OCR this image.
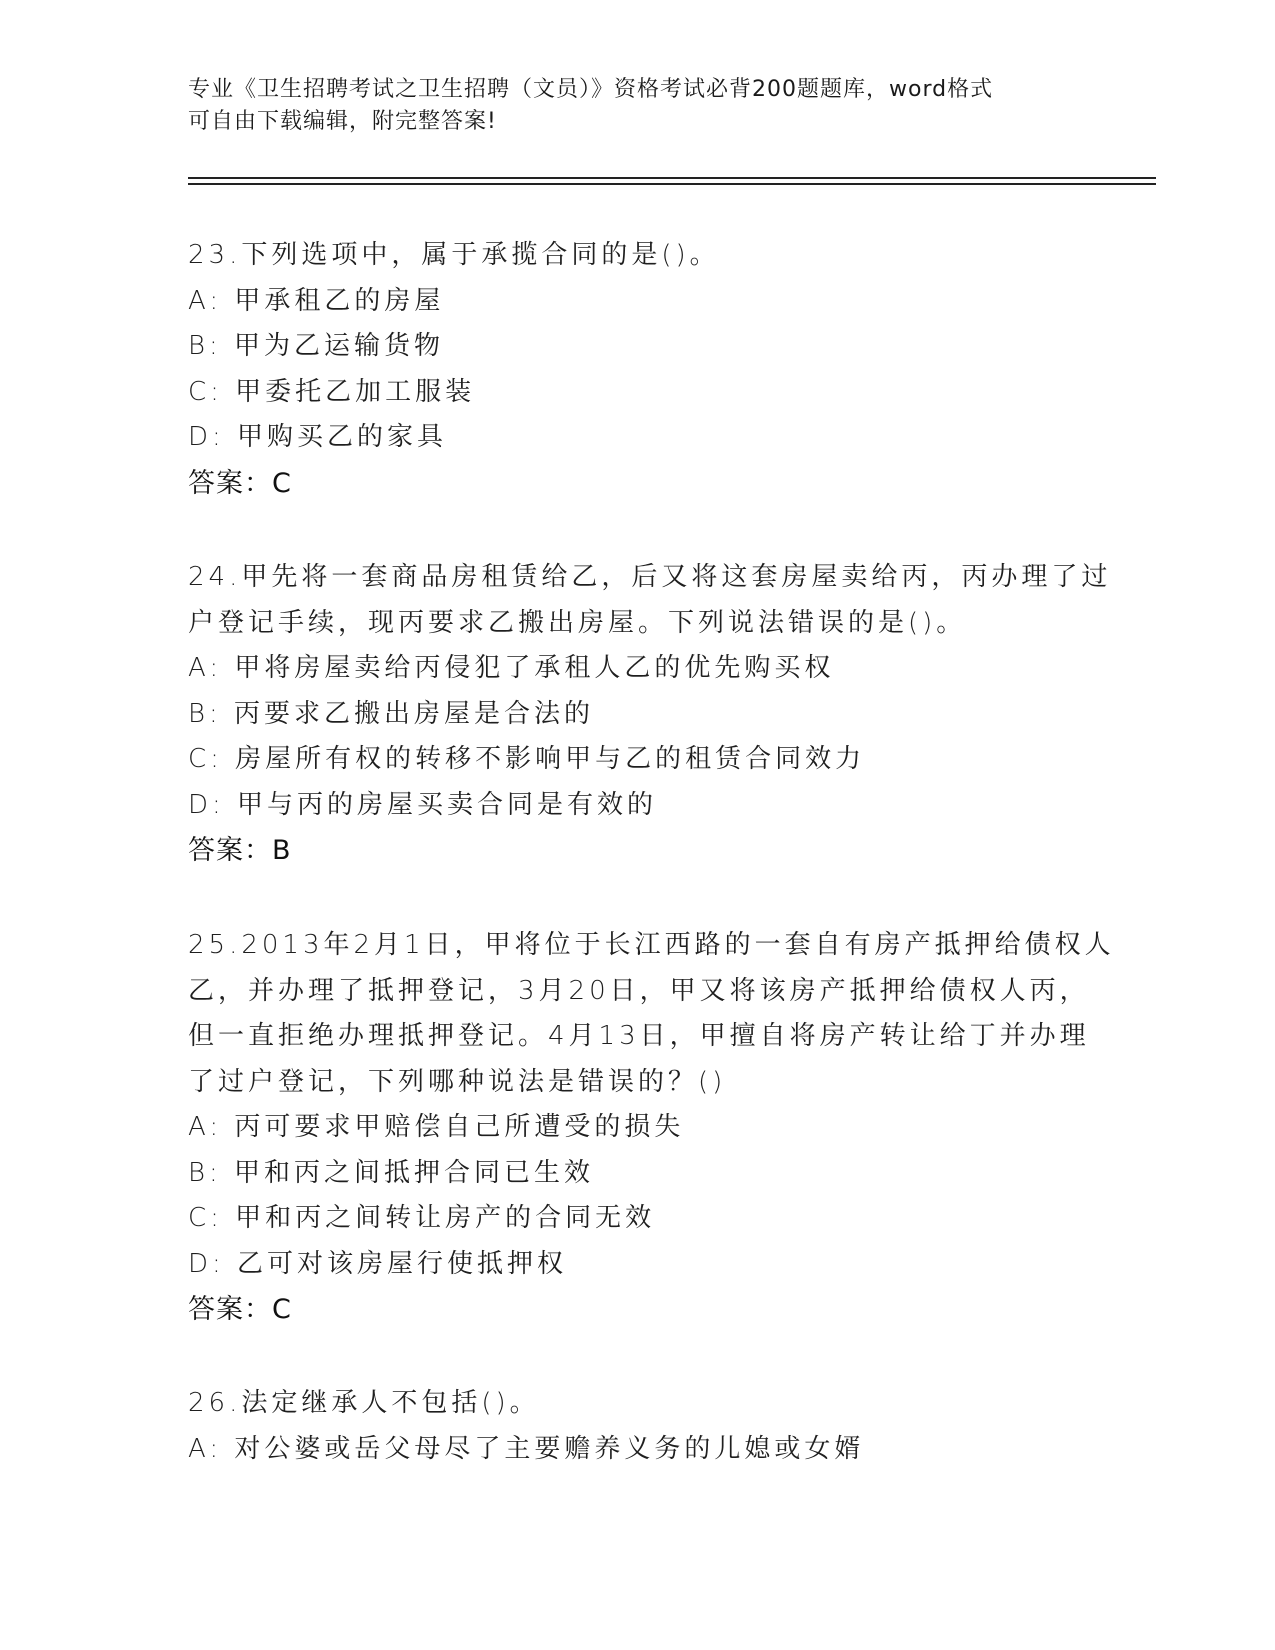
专业《卫生招聘考试之卫生招聘（文员）》资格考试必背200题题库，word格式
可自由下载编辑，附完整答案!
23.下列选项中，属于承揽合同的是()。
A: 甲承租乙的房屋
B: 甲为乙运输货物
C: 甲委托乙加工服装
D: 甲购买乙的家具
答案：C
24.甲先将一套商品房租赁给乙，后又将这套房屋卖给丙，丙办理了过
户登记手续，现丙要求乙搬出房屋。下列说法错误的是()。
A: 甲将房屋卖给丙侵犯了承租人乙的优先购买权
B: 丙要求乙搬出房屋是合法的
C: 房屋所有权的转移不影响甲与乙的租赁合同效力
D: 甲与丙的房屋买卖合同是有效的
答案：B
25.2013年2月1日，甲将位于长江西路的一套自有房产抵押给债权人
乙，并办理了抵押登记，3月20日，甲又将该房产抵押给债权人丙，
但一直拒绝办理抵押登记。4月13日，甲擅自将房产转让给丁并办理
了过户登记，下列哪种说法是错误的？()
A: 丙可要求甲赔偿自己所遭受的损失
B: 甲和丙之间抵押合同已生效
C: 甲和丙之间转让房产的合同无效
D: 乙可对该房屋行使抵押权
答案：C
26.法定继承人不包括()。
A: 对公婆或岳父母尽了主要赡养义务的儿媳或女婿
